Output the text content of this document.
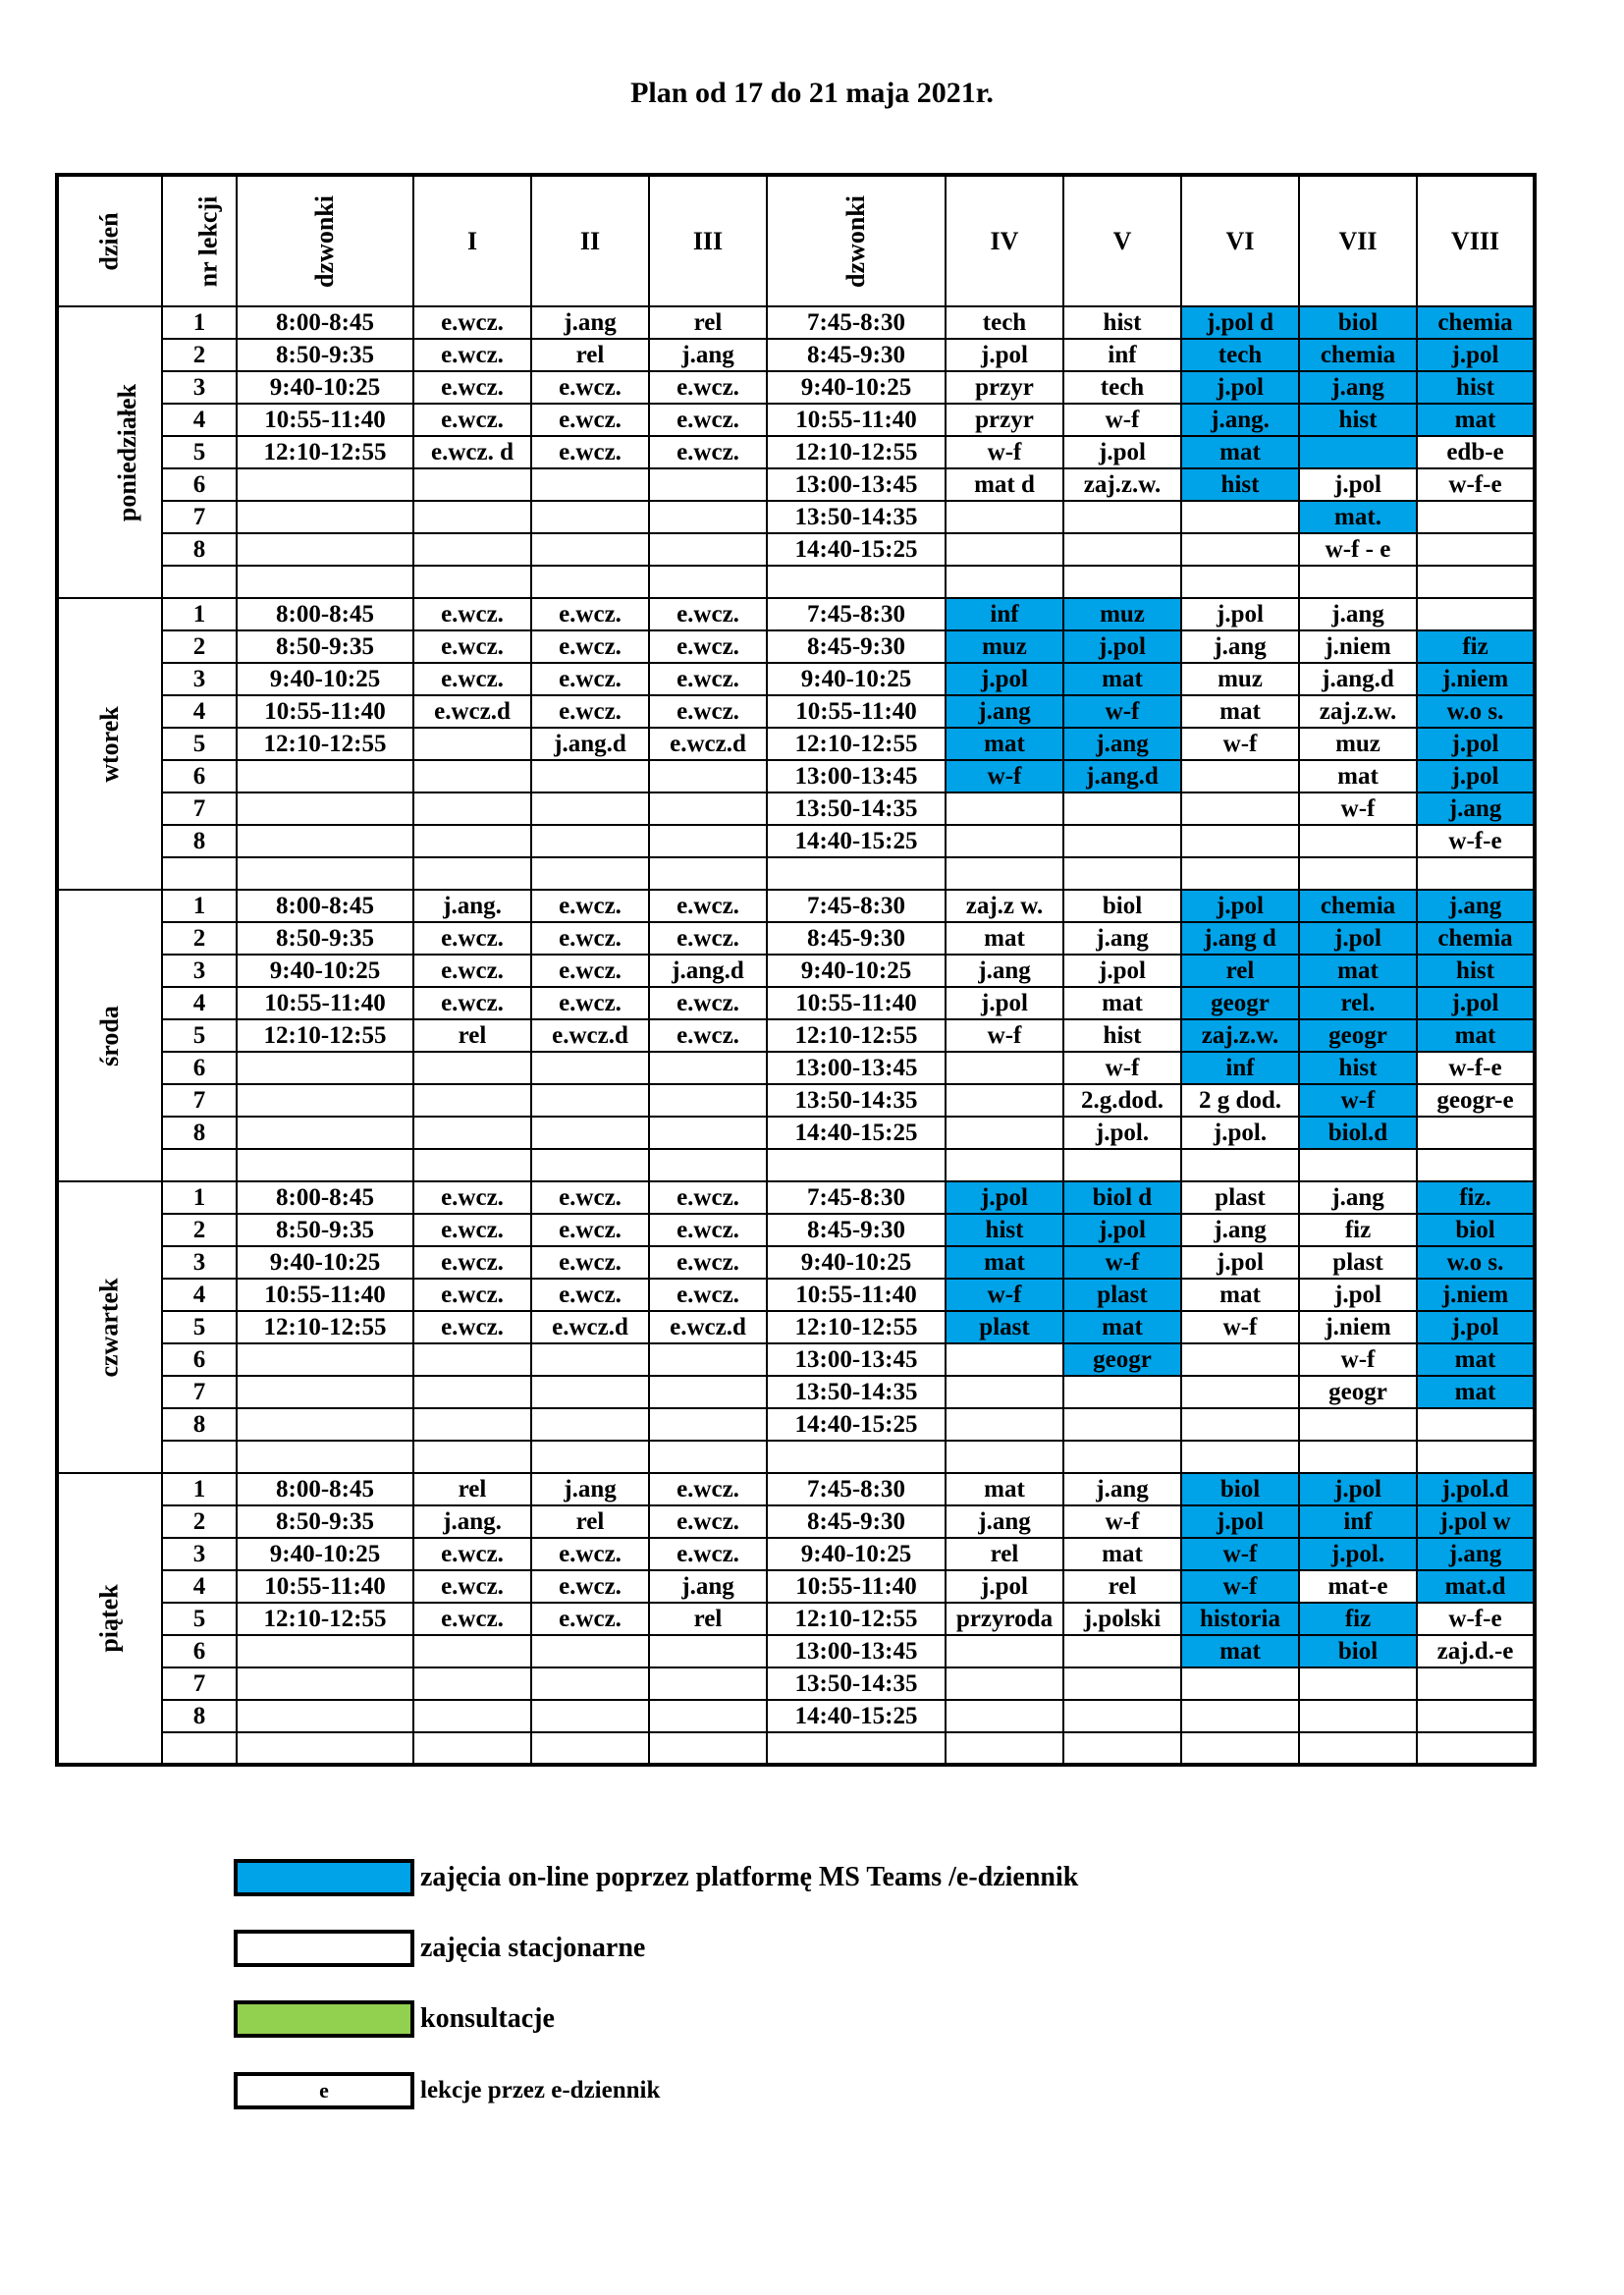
Plan od 17 do 21 maja 2021r.
dzień	nr lekcji	dzwonki	I	II	III	dzwonki	IV	V	VI	VII	VIII
poniedziałek	1	8:00-8:45	e.wcz.	j.ang	rel	7:45-8:30	tech	hist	j.pol d	biol	chemia
	2	8:50-9:35	e.wcz.	rel	j.ang	8:45-9:30	j.pol	inf	tech	chemia	j.pol
	3	9:40-10:25	e.wcz.	e.wcz.	e.wcz.	9:40-10:25	przyr	tech	j.pol	j.ang	hist
	4	10:55-11:40	e.wcz.	e.wcz.	e.wcz.	10:55-11:40	przyr	w-f	j.ang.	hist	mat
	5	12:10-12:55	e.wcz. d	e.wcz.	e.wcz.	12:10-12:55	w-f	j.pol	mat		edb-e
	6					13:00-13:45	mat d	zaj.z.w.	hist	j.pol	w-f-e
	7					13:50-14:35				mat.	
	8					14:40-15:25				w-f - e	

wtorek	1	8:00-8:45	e.wcz.	e.wcz.	e.wcz.	7:45-8:30	inf	muz	j.pol	j.ang	
	2	8:50-9:35	e.wcz.	e.wcz.	e.wcz.	8:45-9:30	muz	j.pol	j.ang	j.niem	fiz
	3	9:40-10:25	e.wcz.	e.wcz.	e.wcz.	9:40-10:25	j.pol	mat	muz	j.ang.d	j.niem
	4	10:55-11:40	e.wcz.d	e.wcz.	e.wcz.	10:55-11:40	j.ang	w-f	mat	zaj.z.w.	w.o s.
	5	12:10-12:55		j.ang.d	e.wcz.d	12:10-12:55	mat	j.ang	w-f	muz	j.pol
	6					13:00-13:45	w-f	j.ang.d		mat	j.pol
	7					13:50-14:35				w-f	j.ang
	8					14:40-15:25					w-f-e

środa	1	8:00-8:45	j.ang.	e.wcz.	e.wcz.	7:45-8:30	zaj.z w.	biol	j.pol	chemia	j.ang
	2	8:50-9:35	e.wcz.	e.wcz.	e.wcz.	8:45-9:30	mat	j.ang	j.ang d	j.pol	chemia
	3	9:40-10:25	e.wcz.	e.wcz.	j.ang.d	9:40-10:25	j.ang	j.pol	rel	mat	hist
	4	10:55-11:40	e.wcz.	e.wcz.	e.wcz.	10:55-11:40	j.pol	mat	geogr	rel.	j.pol
	5	12:10-12:55	rel	e.wcz.d	e.wcz.	12:10-12:55	w-f	hist	zaj.z.w.	geogr	mat
	6					13:00-13:45		w-f	inf	hist	w-f-e
	7					13:50-14:35		2.g.dod.	2 g dod.	w-f	geogr-e
	8					14:40-15:25		j.pol.	j.pol.	biol.d	

czwartek	1	8:00-8:45	e.wcz.	e.wcz.	e.wcz.	7:45-8:30	j.pol	biol d	plast	j.ang	fiz.
	2	8:50-9:35	e.wcz.	e.wcz.	e.wcz.	8:45-9:30	hist	j.pol	j.ang	fiz	biol
	3	9:40-10:25	e.wcz.	e.wcz.	e.wcz.	9:40-10:25	mat	w-f	j.pol	plast	w.o s.
	4	10:55-11:40	e.wcz.	e.wcz.	e.wcz.	10:55-11:40	w-f	plast	mat	j.pol	j.niem
	5	12:10-12:55	e.wcz.	e.wcz.d	e.wcz.d	12:10-12:55	plast	mat	w-f	j.niem	j.pol
	6					13:00-13:45		geogr		w-f	mat
	7					13:50-14:35				geogr	mat
	8					14:40-15:25					

piątek	1	8:00-8:45	rel	j.ang	e.wcz.	7:45-8:30	mat	j.ang	biol	j.pol	j.pol.d
	2	8:50-9:35	j.ang.	rel	e.wcz.	8:45-9:30	j.ang	w-f	j.pol	inf	j.pol w
	3	9:40-10:25	e.wcz.	e.wcz.	e.wcz.	9:40-10:25	rel	mat	w-f	j.pol.	j.ang
	4	10:55-11:40	e.wcz.	e.wcz.	j.ang	10:55-11:40	j.pol	rel	w-f	mat-e	mat.d
	5	12:10-12:55	e.wcz.	e.wcz.	rel	12:10-12:55	przyroda	j.polski	historia	fiz	w-f-e
	6					13:00-13:45			mat	biol	zaj.d.-e
	7					13:50-14:35					
	8					14:40-15:25					

zajęcia on-line poprzez platformę MS Teams /e-dziennik
zajęcia stacjonarne
konsultacje
e	lekcje przez e-dziennik
